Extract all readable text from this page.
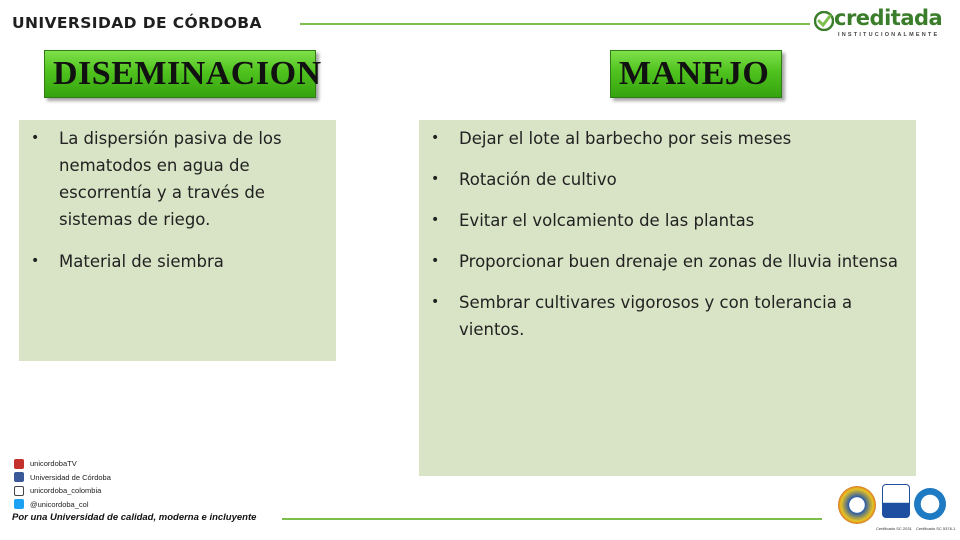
UNIVERSIDAD DE CÓRDOBA	creditada
INSTITUCIONALMENTE
DISEMINACION	MANEJO
• La dispersión pasiva de los nematodos en agua de escorrentía y a través de sistemas de riego.
• Material de siembra
• Dejar el lote al barbecho por seis meses
• Rotación de cultivo
• Evitar el volcamiento de las plantas
• Proporcionar buen drenaje en zonas de lluvia intensa
• Sembrar cultivares vigorosos y con tolerancia a vientos.
unicordobaTV
Universidad de Córdoba
unicordoba_colombia
@unicordoba_col
Por una Universidad de calidad, moderna e incluyente
Certificado SC 2031 Certificado SC 5376-1
